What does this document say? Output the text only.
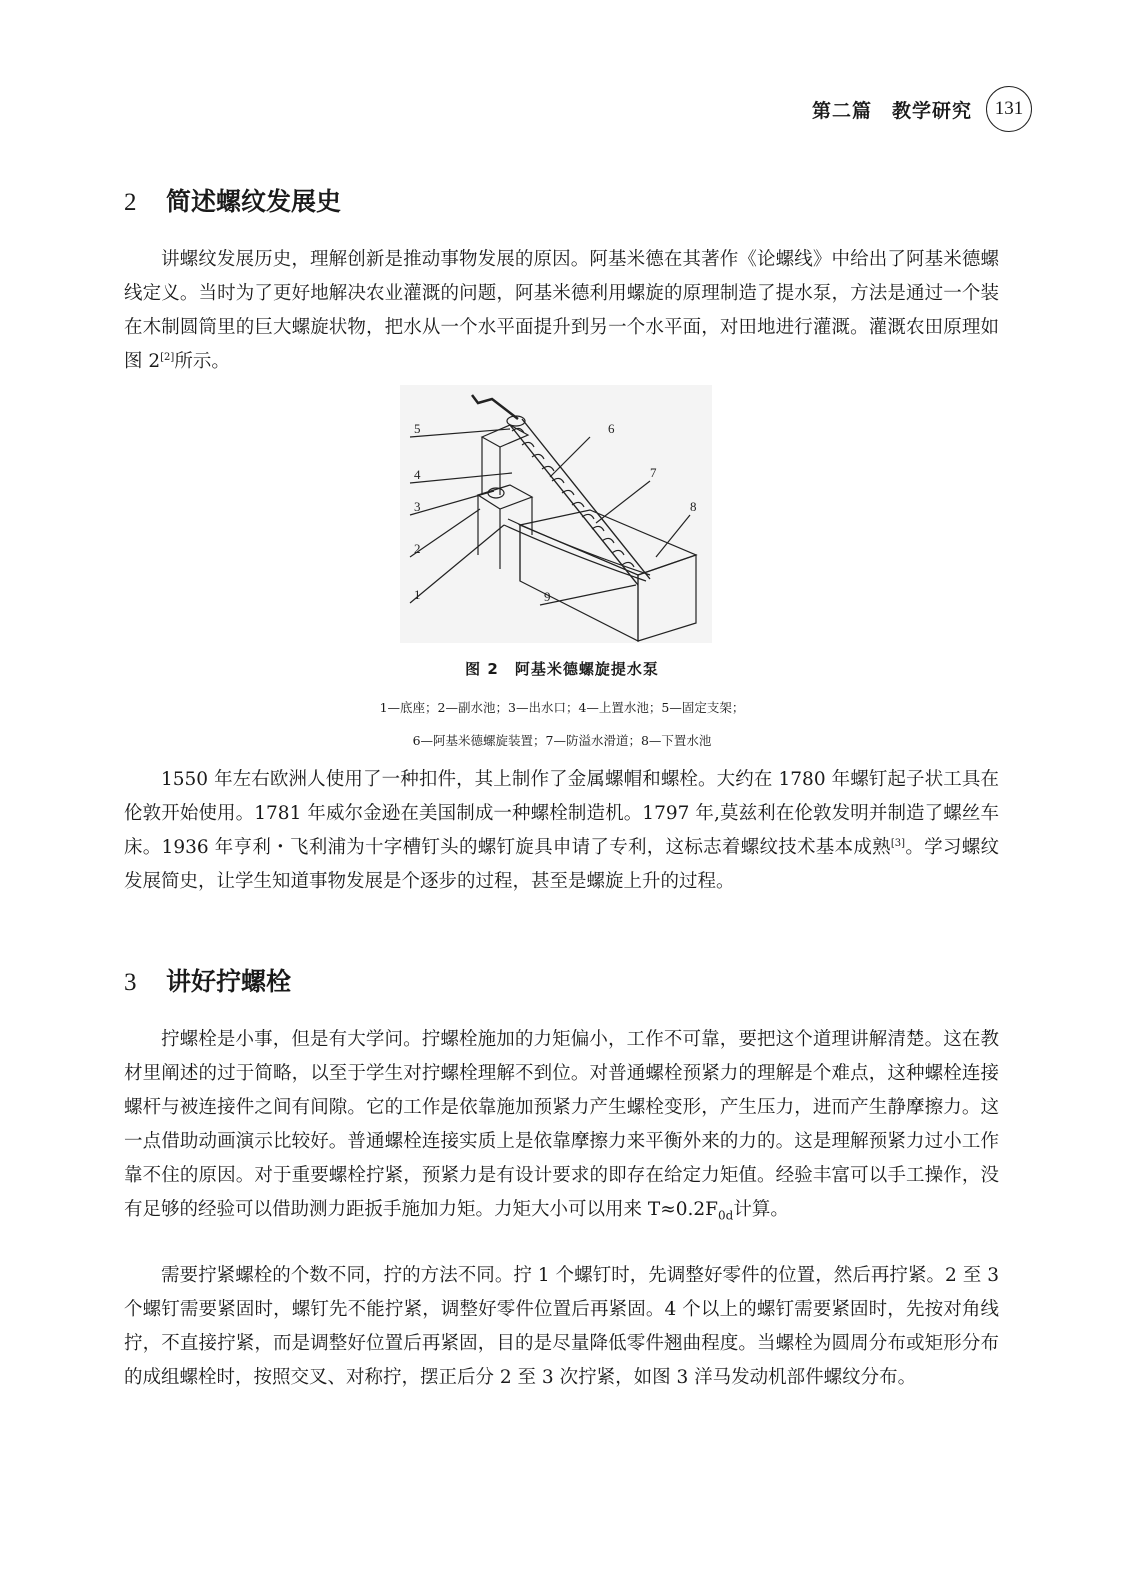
第二篇　教学研究	131
2	简述螺纹发展史

讲螺纹发展历史，理解创新是推动事物发展的原因。阿基米德在其著作《论螺线》中给出了阿基米德螺线定义。当时为了更好地解决农业灌溉的问题，阿基米德利用螺旋的原理制造了提水泵，方法是通过一个装在木制圆筒里的巨大螺旋状物，把水从一个水平面提升到另一个水平面，对田地进行灌溉。灌溉农田原理如图 2[2]所示。

1
2
3
4
5	6
7
8
9
图 2　阿基米德螺旋提水泵
1—底座；2—副水池；3—出水口；4—上置水池；5—固定支架；
6—阿基米德螺旋装置；7—防溢水滑道；8—下置水池

1550 年左右欧洲人使用了一种扣件，其上制作了金属螺帽和螺栓。大约在 1780 年螺钉起子状工具在伦敦开始使用。1781 年威尔金逊在美国制成一种螺栓制造机。1797 年,莫兹利在伦敦发明并制造了螺丝车床。1936 年亨利・飞利浦为十字槽钉头的螺钉旋具申请了专利，这标志着螺纹技术基本成熟[3]。学习螺纹发展简史，让学生知道事物发展是个逐步的过程，甚至是螺旋上升的过程。

3	讲好拧螺栓

拧螺栓是小事，但是有大学问。拧螺栓施加的力矩偏小，工作不可靠，要把这个道理讲解清楚。这在教材里阐述的过于简略，以至于学生对拧螺栓理解不到位。对普通螺栓预紧力的理解是个难点，这种螺栓连接螺杆与被连接件之间有间隙。它的工作是依靠施加预紧力产生螺栓变形，产生压力，进而产生静摩擦力。这一点借助动画演示比较好。普通螺栓连接实质上是依靠摩擦力来平衡外来的力的。这是理解预紧力过小工作靠不住的原因。对于重要螺栓拧紧，预紧力是有设计要求的即存在给定力矩值。经验丰富可以手工操作，没有足够的经验可以借助测力距扳手施加力矩。力矩大小可以用来 $T\approx 0.2F_{0d}$计算。

需要拧紧螺栓的个数不同，拧的方法不同。拧 1 个螺钉时，先调整好零件的位置，然后再拧紧。2 至 3 个螺钉需要紧固时，螺钉先不能拧紧，调整好零件位置后再紧固。4 个以上的螺钉需要紧固时，先按对角线拧，不直接拧紧，而是调整好位置后再紧固，目的是尽量降低零件翘曲程度。当螺栓为圆周分布或矩形分布的成组螺栓时，按照交叉、对称拧，摆正后分 2 至 3 次拧紧，如图 3 洋马发动机部件螺纹分布。
